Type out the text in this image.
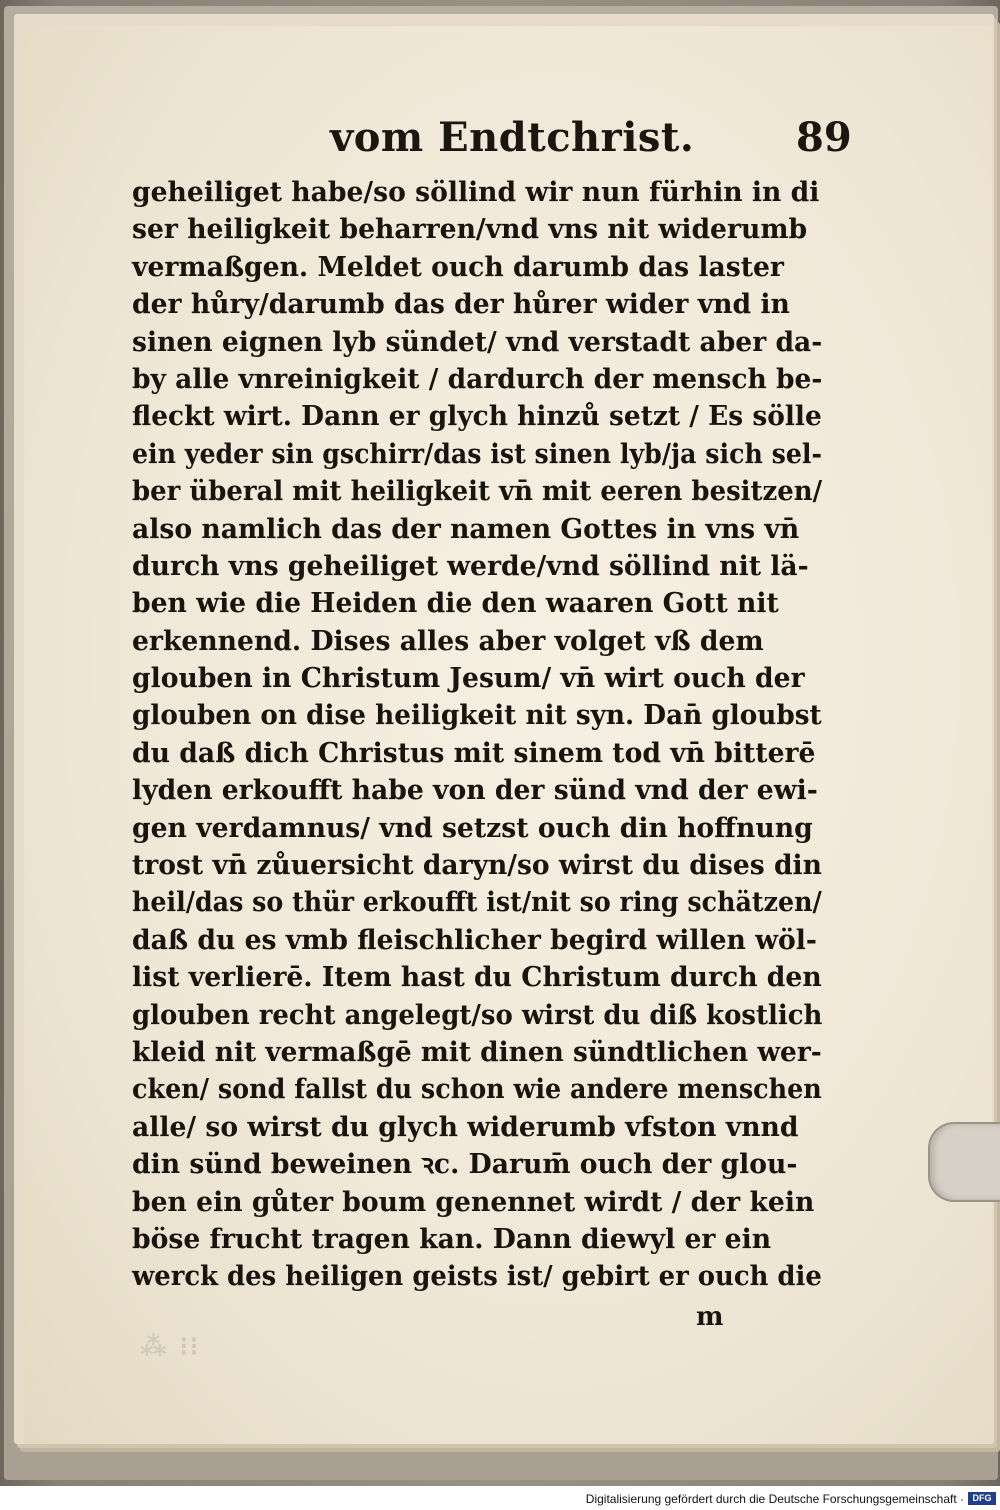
vom Endtchrist.	89
geheiliget habe/so söllind wir nun fürhin in di
ser heiligkeit beharren/vnd vns nit widerumb
vermaßgen. Meldet ouch darumb das laster
der hůry/darumb das der hůrer wider vnd in
sinen eignen lyb sündet/ vnd verstadt aber da-
by alle vnreinigkeit / dardurch der mensch be-
fleckt wirt. Dann er glych hinzů setzt / Es sölle
ein yeder sin gschirr/das ist sinen lyb/ja sich sel-
ber überal mit heiligkeit vn̄ mit eeren besitzen/
also namlich das der namen Gottes in vns vn̄
durch vns geheiliget werde/vnd söllind nit lä-
ben wie die Heiden die den waaren Gott nit
erkennend. Dises alles aber volget vß dem
glouben in Christum Jesum/ vn̄ wirt ouch der
glouben on dise heiligkeit nit syn. Dan̄ gloubst
du daß dich Christus mit sinem tod vn̄ bitterē
lyden erkoufft habe von der sünd vnd der ewi-
gen verdamnus/ vnd setzst ouch din hoffnung
trost vn̄ zůuersicht daryn/so wirst du dises din
heil/das so thür erkoufft ist/nit so ring schätzen/
daß du es vmb fleischlicher begird willen wöl-
list verlierē. Item hast du Christum durch den
glouben recht angelegt/so wirst du diß kostlich
kleid nit vermaßgē mit dinen sündtlichen wer-
cken/ sond fallst du schon wie andere menschen
alle/ so wirst du glych widerumb vfston vnnd
din sünd beweinen ꝛc. Darum̄ ouch der glou-
ben ein gůter boum genennet wirdt / der kein
böse frucht tragen kan. Dann diewyl er ein
werck des heiligen geists ist/ gebirt er ouch die
m
⁂ ⁝⁝
Digitalisierung gefördert durch die Deutsche Forschungsgemeinschaft · DFG
